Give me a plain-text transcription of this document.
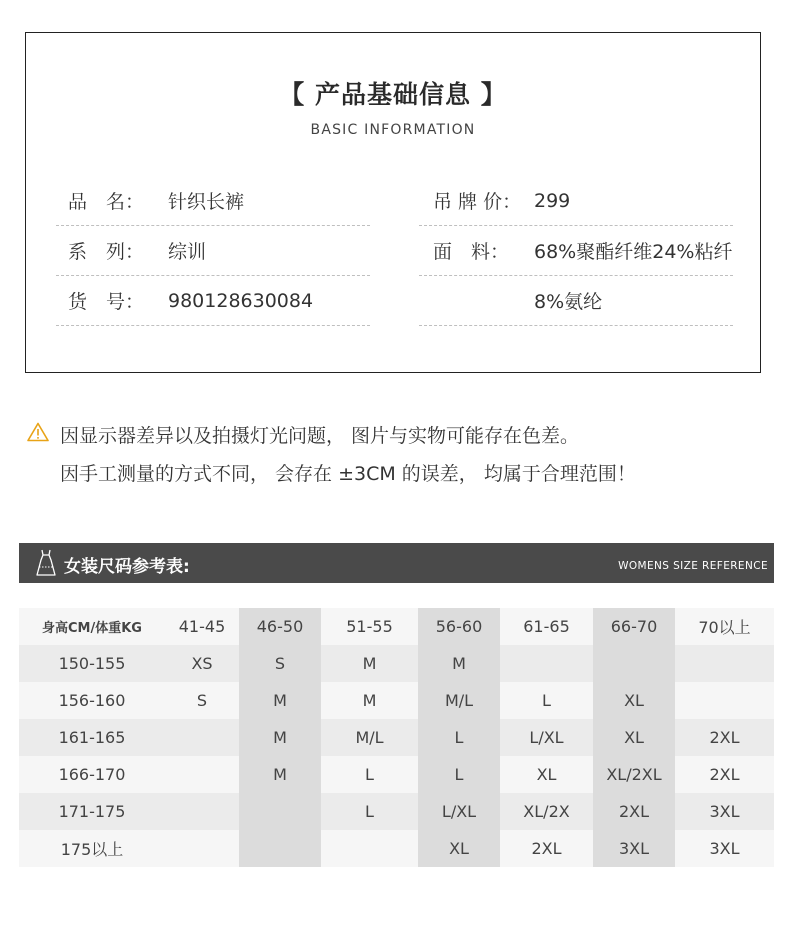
【 产品基础信息 】
BASIC INFORMATION
品　名：	针织长裤
系　列：	综训
货　号：	980128630084
吊 牌 价： 299
面　料：	68%聚酯纤维24%粘纤
8%氨纶
因显示器差异以及拍摄灯光问题， 图片与实物可能存在色差。
因手工测量的方式不同， 会存在 ±3CM 的误差， 均属于合理范围！
女装尺码参考表:	WOMENS SIZE REFERENCE
身高CM/体重KG	41-45	46-50	51-55	56-60	61-65	66-70	70以上
150-155	XS	S	M	M			
156-160	S	M	M	M/L	L	XL	
161-165		M	M/L	L	L/XL	XL	2XL
166-170		M	L	L	XL	XL/2XL	2XL
171-175			L	L/XL	XL/2X	2XL	3XL
175以上				XL	2XL	3XL	3XL
